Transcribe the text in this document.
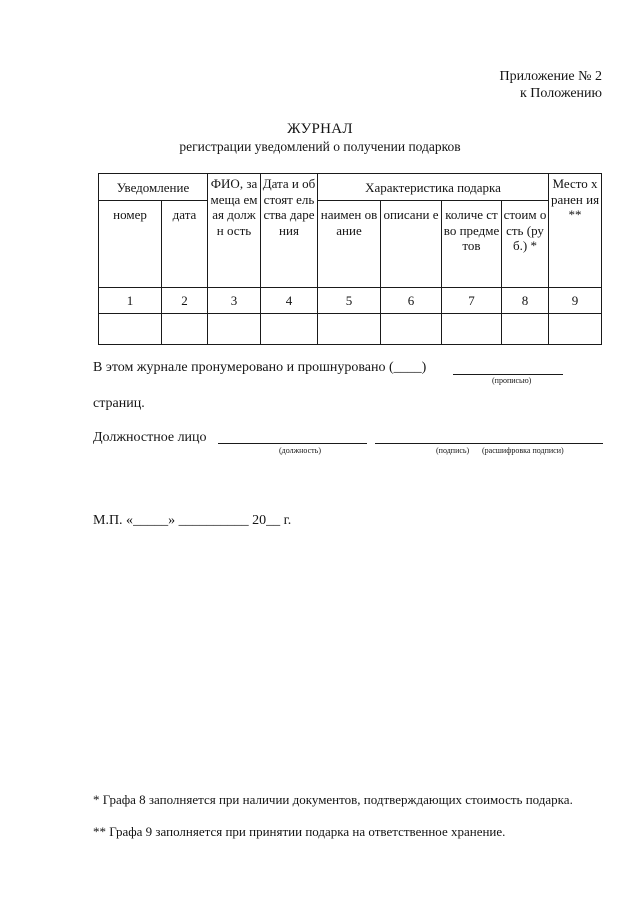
Приложение № 2
к Положению
ЖУРНАЛ
регистрации уведомлений о получении подарков
Уведомление		ФИО, замеща емая должн ость	Дата и обстоят ельства дарения	Характеристика подарка				Место хранен ия **
номер	дата			наимен ование	описани е	количе ство предме тов	стоим ость (руб.) *	
1	2	3	4	5	6	7	8	9

В этом журнале пронумеровано и прошнуровано (____)
(прописью)
страниц.
Должностное лицо
(должность)	(подпись) (расшифровка подписи)
М.П. «_____» __________ 20__ г.
* Графа 8 заполняется при наличии документов, подтверждающих стоимость подарка.
** Графа 9 заполняется при принятии подарка на ответственное хранение.
